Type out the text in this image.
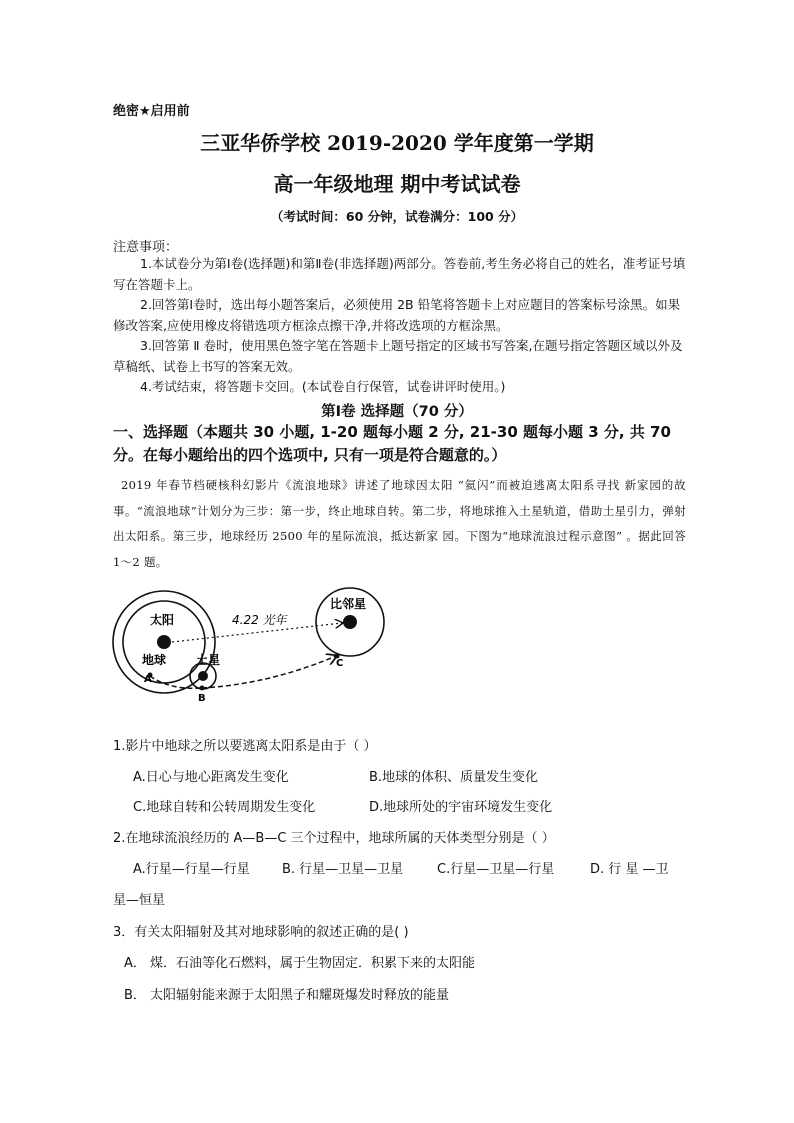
绝密★启用前
三亚华侨学校 2019-2020 学年度第一学期
高一年级地理 期中考试试卷
（考试时间：60 分钟，试卷满分：100 分）
注意事项：
1.本试卷分为第Ⅰ卷(选择题)和第Ⅱ卷(非选择题)两部分。答卷前,考生务必将自己的姓名，准考证号填写在答题卡上。
2.回答第Ⅰ卷时，选出每小题答案后，必须使用 2B 铅笔将答题卡上对应题目的答案标号涂黑。如果修改答案,应使用橡皮将错选项方框涂点擦干净,并将改选项的方框涂黑。
3.回答第 Ⅱ 卷时，使用黑色签字笔在答题卡上题号指定的区域书写答案,在题号指定答题区域以外及草稿纸、试卷上书写的答案无效。
4.考试结束，将答题卡交回。(本试卷自行保管，试卷讲评时使用。)
第Ⅰ卷 选择题（70 分）
一、选择题（本题共 30 小题, 1-20 题每小题 2 分, 21-30 题每小题 3 分, 共 70 分。在每小题给出的四个选项中, 只有一项是符合题意的。）
2019 年春节档硬核科幻影片《流浪地球》讲述了地球因太阳 “氦闪”而被迫逃离太阳系寻找 新家园的故事。“流浪地球”计划分为三步：第一步，终止地球自转。第二步，将地球推入土星轨道，借助土星引力，弹射出太阳系。第三步，地球经历 2500 年的星际流浪，抵达新家 园。下图为“地球流浪过程示意图” 。据此回答 1～2 题。
太阳
地球 土星
比邻星
4.22 光年
A
B
C
1.影片中地球之所以要逃离太阳系是由于（ ）
A.日心与地心距离发生变化	B.地球的体积、质量发生变化
C.地球自转和公转周期发生变化	D.地球所处的宇宙环境发生变化
2.在地球流浪经历的 A—B—C 三个过程中，地球所属的天体类型分别是（ ）
A.行星—行星—行星 B. 行星—卫星—卫星	C.行星—卫星—行星	D. 行 星 —卫
星—恒星
3．有关太阳辐射及其对地球影响的叙述正确的是( )
A． 煤．石油等化石燃料，属于生物固定．积累下来的太阳能
B． 太阳辐射能来源于太阳黑子和耀斑爆发时释放的能量
